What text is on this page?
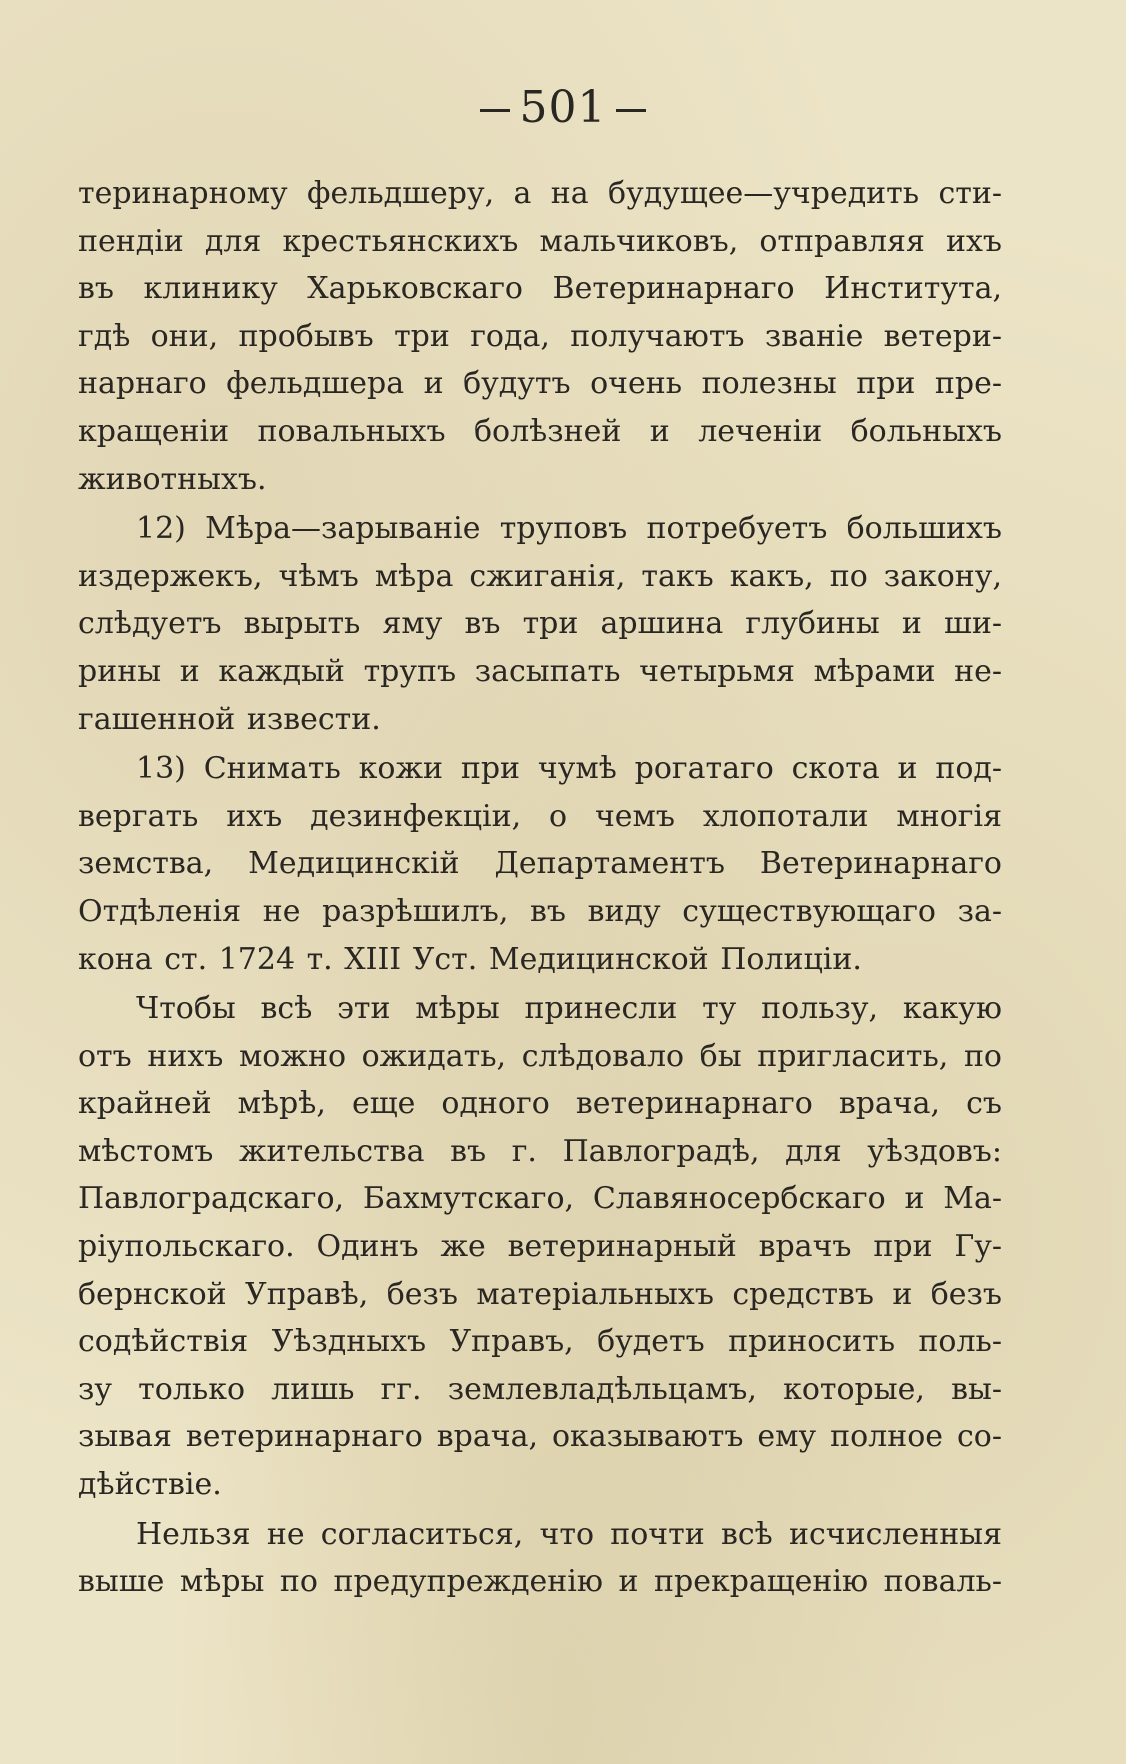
501
теринарному фельдшеру, а на будущее—учредить сти-
пендіи для крестьянскихъ мальчиковъ, отправляя ихъ
въ клинику Харьковскаго Ветеринарнаго Института,
гдѣ они, пробывъ три года, получаютъ званіе ветери-
нарнаго фельдшера и будутъ очень полезны при пре-
кращеніи повальныхъ болѣзней и леченіи больныхъ
животныхъ.
12) Мѣра—зарываніе труповъ потребуетъ большихъ
издержекъ, чѣмъ мѣра сжиганія, такъ какъ, по закону,
слѣдуетъ вырыть яму въ три аршина глубины и ши-
рины и каждый трупъ засыпать четырьмя мѣрами не-
гашенной извести.
13) Снимать кожи при чумѣ рогатаго скота и под-
вергать ихъ дезинфекціи, о чемъ хлопотали многія
земства, Медицинскій Департаментъ Ветеринарнаго
Отдѣленія не разрѣшилъ, въ виду существующаго за-
кона ст. 1724 т. XIII Уст. Медицинской Полиціи.
Чтобы всѣ эти мѣры принесли ту пользу, какую
отъ нихъ можно ожидать, слѣдовало бы пригласить, по
крайней мѣрѣ, еще одного ветеринарнаго врача, съ
мѣстомъ жительства въ г. Павлоградѣ, для уѣздовъ:
Павлоградскаго, Бахмутскаго, Славяносербскаго и Ма-
ріупольскаго. Одинъ же ветеринарный врачъ при Гу-
бернской Управѣ, безъ матеріальныхъ средствъ и безъ
содѣйствія Уѣздныхъ Управъ, будетъ приносить поль-
зу только лишь гг. землевладѣльцамъ, которые, вы-
зывая ветеринарнаго врача, оказываютъ ему полное со-
дѣйствіе.
Нельзя не согласиться, что почти всѣ исчисленныя
выше мѣры по предупрежденію и прекращенію поваль-
